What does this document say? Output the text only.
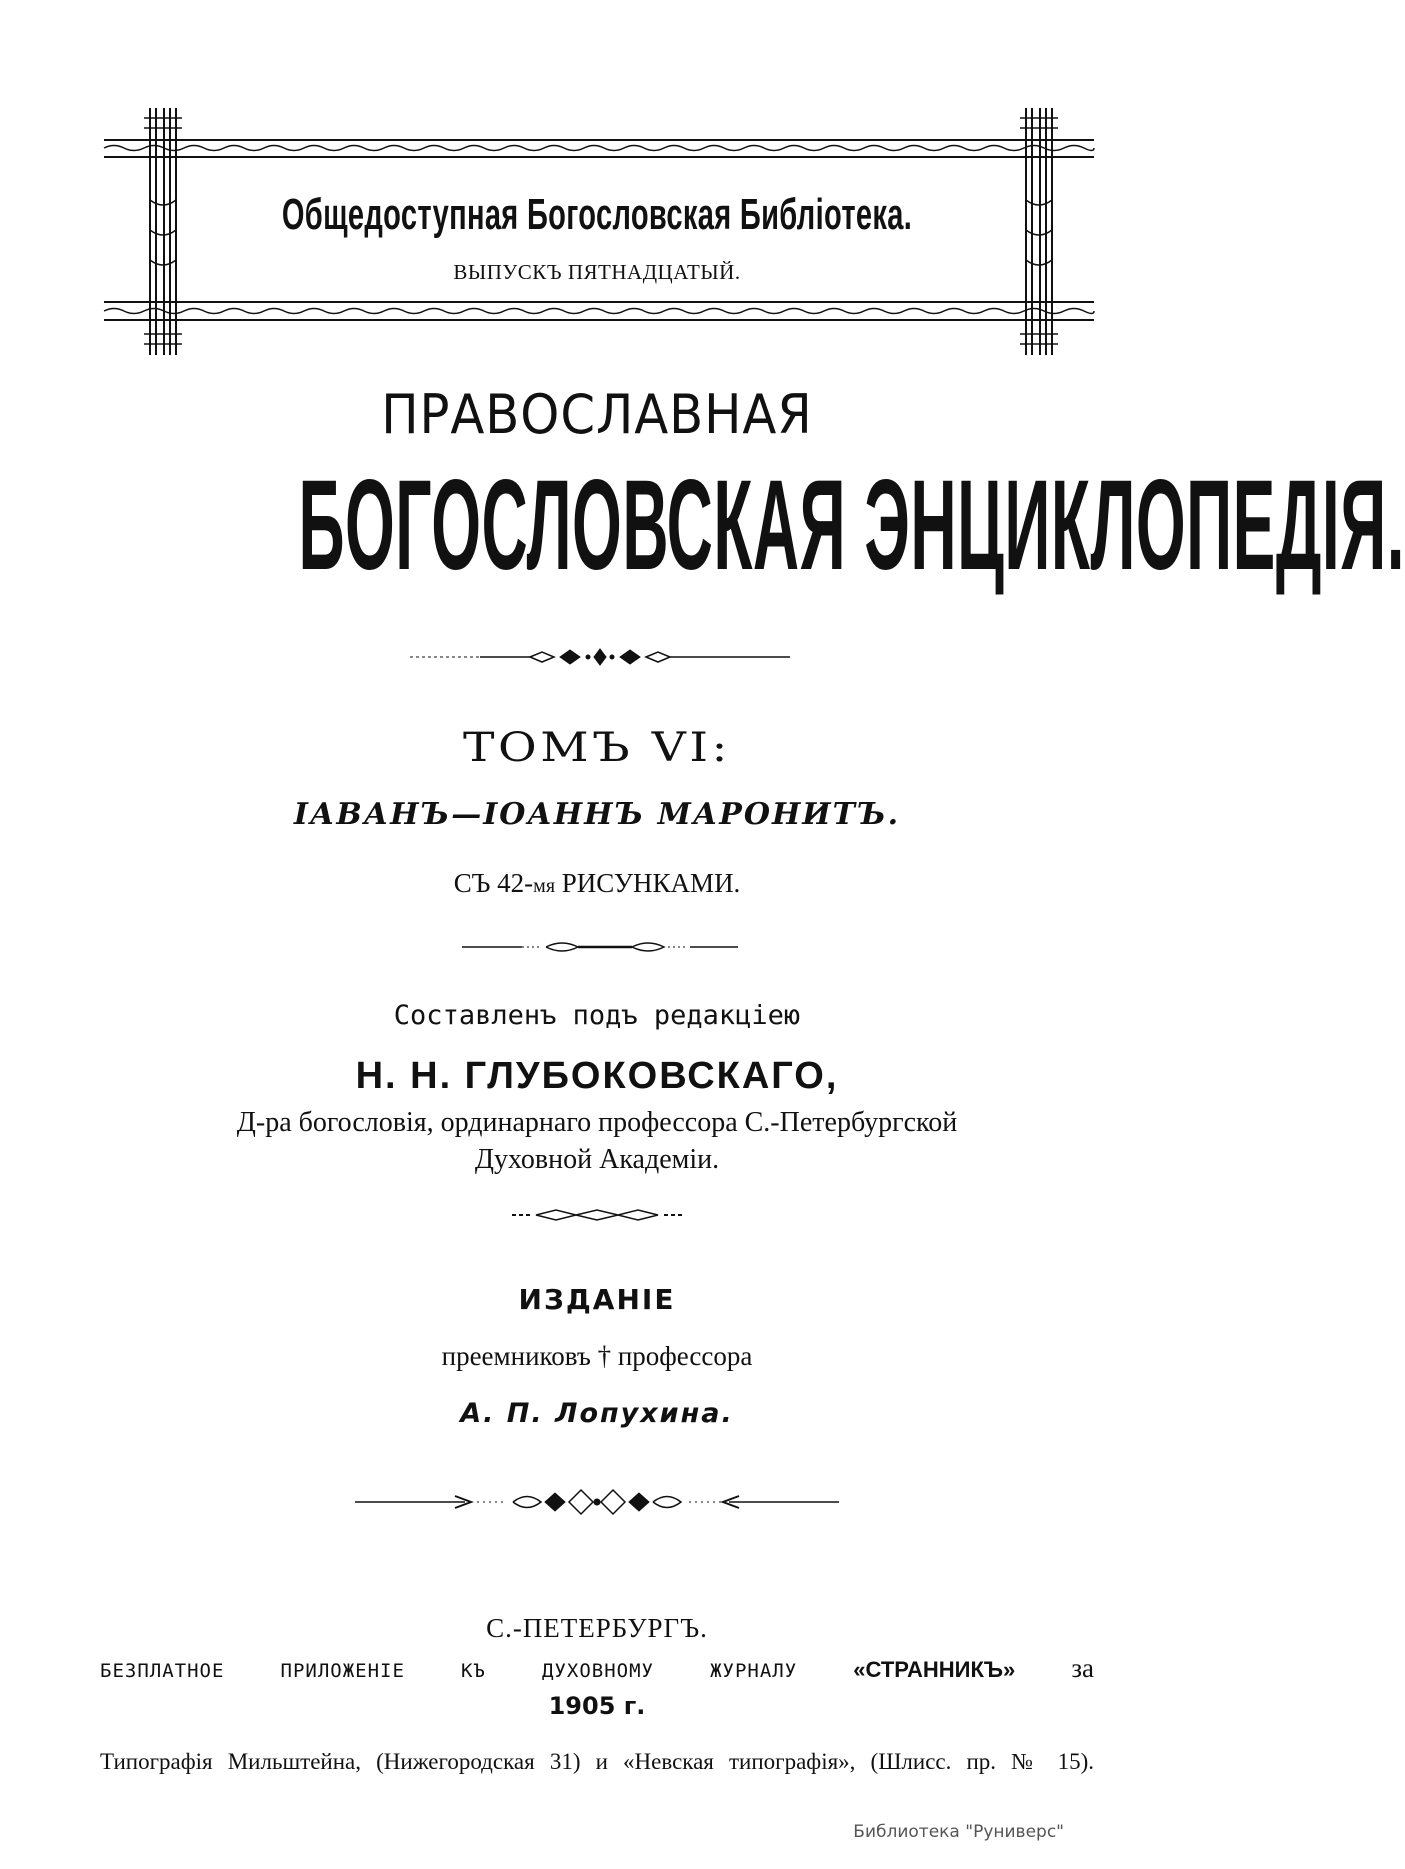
Общедоступная Богословская Библіотека.
ВЫПУСКЪ ПЯТНАДЦАТЫЙ.
ПРАВОСЛАВНАЯ
БОГОСЛОВСКАЯ ЭНЦИКЛОПЕДІЯ.
ТОМЪ VI:
ІАВАНЪ—ІОАННЪ МАРОНИТЪ.
СЪ 42-мя РИСУНКАМИ.
Составленъ подъ редакціею
Н. Н. ГЛУБОКОВСКАГО,
Д-ра богословія, ординарнаго профессора С.-Петербургской
Духовной Академіи.
ИЗДАНІЕ
преемниковъ † профессора
А. П. Лопухина.
С.-ПЕТЕРБУРГЪ.
БЕЗПЛАТНОЕ	ПРИЛОЖЕНІЕ	КЪ	ДУХОВНОМУ	ЖУРНАЛУ	«СТРАННИКЪ» за
1905 г.
Типографія Мильштейна, (Нижегородская 31) и «Невская типографія», (Шлисс. пр. № 15).
Библиотека "Руниверс"
